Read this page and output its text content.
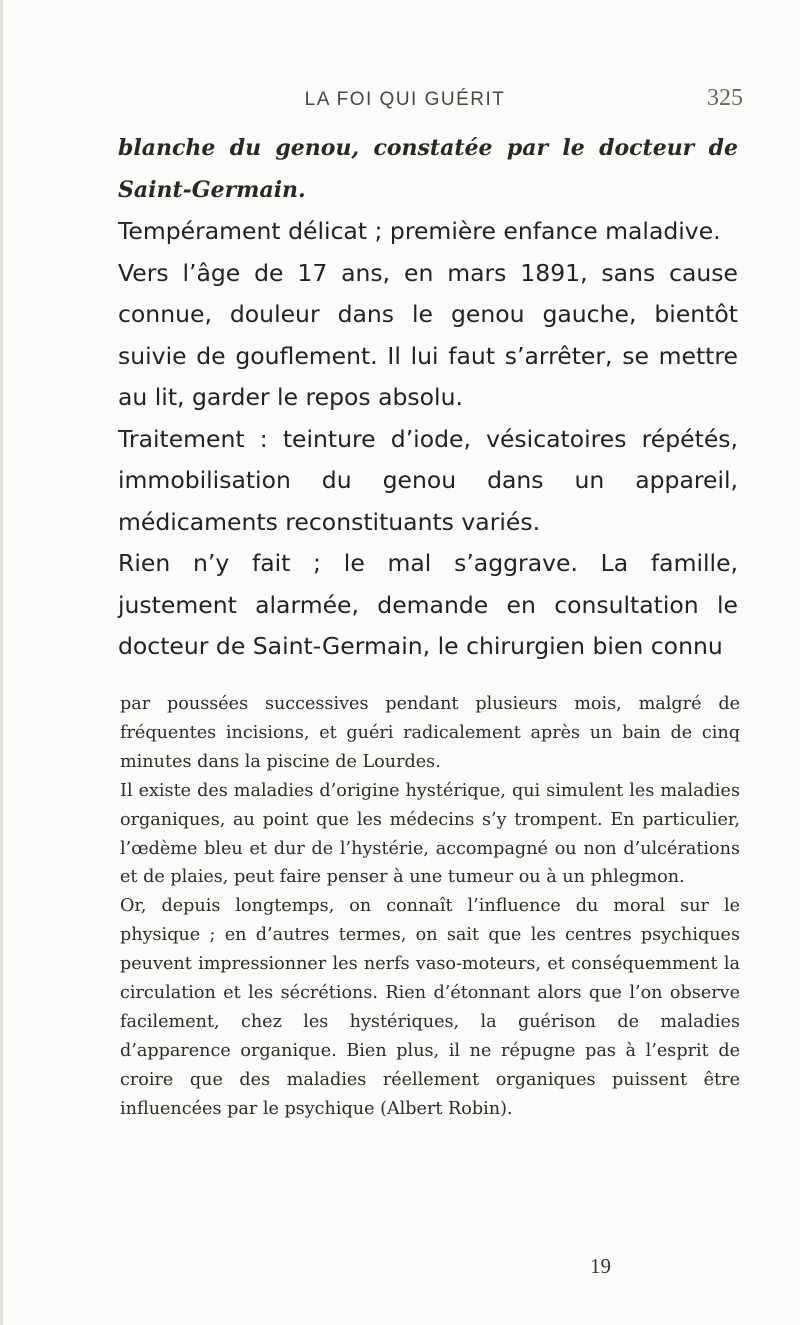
LA FOI QUI GUÉRIT	325

blanche du genou, constatée par le docteur de Saint-Germain.

Tempérament délicat ; première enfance maladive.

Vers l’âge de 17 ans, en mars 1891, sans cause connue, douleur dans le genou gauche, bientôt suivie de gouflement. Il lui faut s’arrêter, se mettre au lit, garder le repos absolu.

Traitement : teinture d’iode, vésicatoires répétés, immobilisation du genou dans un appareil, médicaments reconstituants variés.

Rien n’y fait ; le mal s’aggrave. La famille, justement alarmée, demande en consultation le docteur de Saint-Germain, le chirurgien bien connu

par poussées successives pendant plusieurs mois, malgré de fréquentes incisions, et guéri radicalement après un bain de cinq minutes dans la piscine de Lourdes.

Il existe des maladies d’origine hystérique, qui simulent les maladies organiques, au point que les médecins s’y trompent. En particulier, l’œdème bleu et dur de l’hystérie, accompagné ou non d’ulcérations et de plaies, peut faire penser à une tumeur ou à un phlegmon.

Or, depuis longtemps, on connaît l’influence du moral sur le physique ; en d’autres termes, on sait que les centres psychiques peuvent impressionner les nerfs vaso-moteurs, et conséquemment la circulation et les sécrétions. Rien d’étonnant alors que l’on observe facilement, chez les hystériques, la guérison de maladies d’apparence organique. Bien plus, il ne répugne pas à l’esprit de croire que des maladies réellement organiques puissent être influencées par le psychique (Albert Robin).

19
